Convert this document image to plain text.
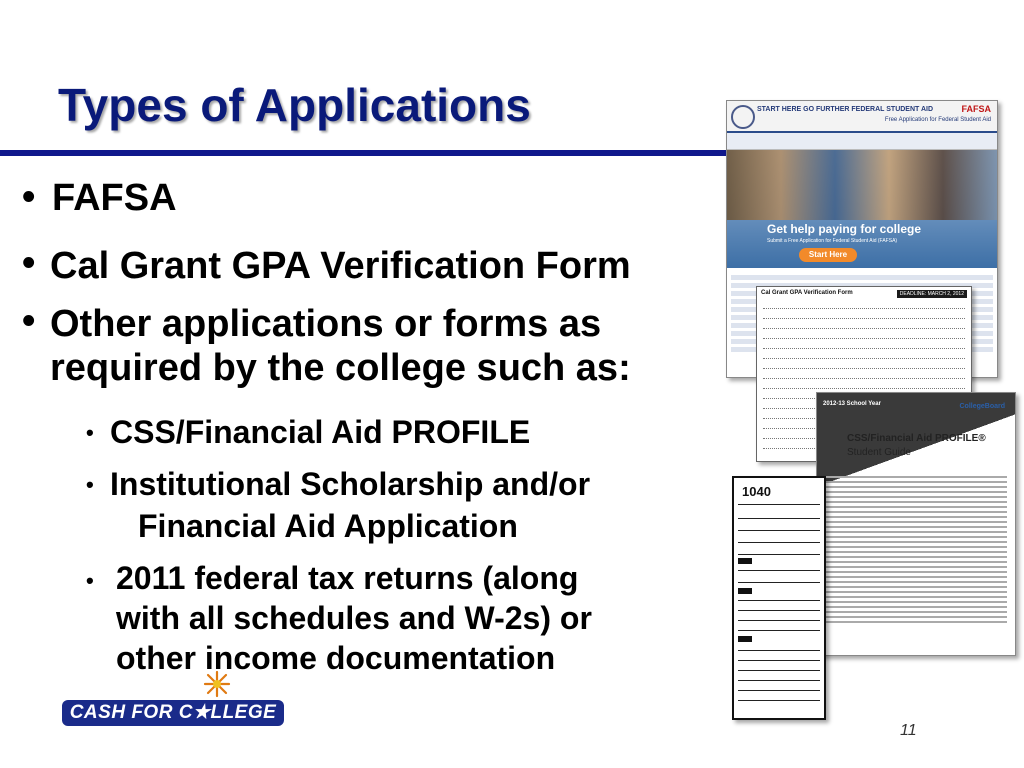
Types of Applications
• FAFSA
• Cal Grant GPA Verification Form
• Other applications or forms as
required by the college such as:
• CSS/Financial Aid PROFILE
• Institutional Scholarship and/or
Financial Aid Application
• 2011 federal tax returns (along
with all schedules and W-2s) or
other income documentation
START HERE GO FURTHER FEDERAL STUDENT AID	FAFSA
Free Application for Federal Student Aid
Get help paying for college
Submit a Free Application for Federal Student Aid (FAFSA)
Start Here
Cal Grant GPA Verification Form	DEADLINE: MARCH 2, 2012
2012-13 School Year	CollegeBoard
CSS/Financial Aid PROFILE®
Student Guide
1040
CASH FOR C★LLEGE
11
